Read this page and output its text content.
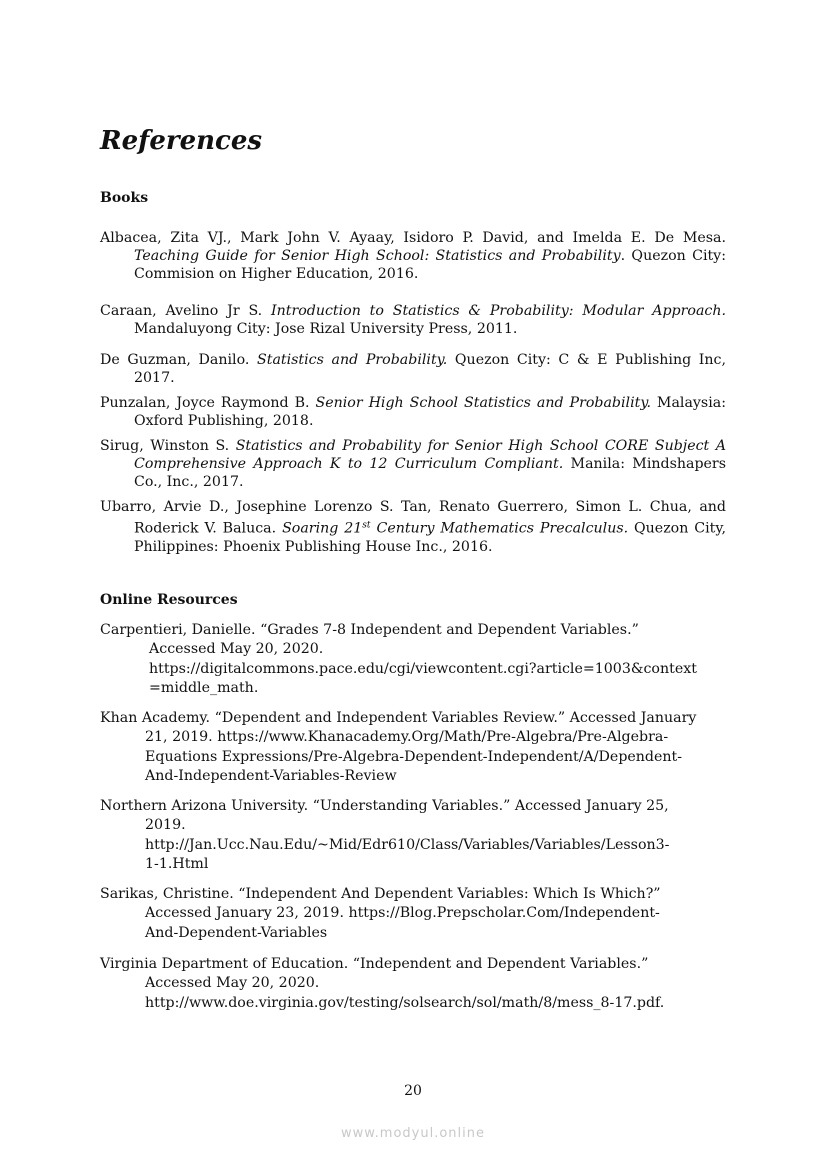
References

Books

Albacea, Zita VJ., Mark John V. Ayaay, Isidoro P. David, and Imelda E. De Mesa. Teaching Guide for Senior High School: Statistics and Probability. Quezon City: Commision on Higher Education, 2016.
Caraan, Avelino Jr S. Introduction to Statistics & Probability: Modular Approach. Mandaluyong City: Jose Rizal University Press, 2011.
De Guzman, Danilo. Statistics and Probability. Quezon City: C & E Publishing Inc, 2017.
Punzalan, Joyce Raymond B. Senior High School Statistics and Probability. Malaysia: Oxford Publishing, 2018.
Sirug, Winston S. Statistics and Probability for Senior High School CORE Subject A Comprehensive Approach K to 12 Curriculum Compliant. Manila: Mindshapers Co., Inc., 2017.
Ubarro, Arvie D., Josephine Lorenzo S. Tan, Renato Guerrero, Simon L. Chua, and Roderick V. Baluca. Soaring 21st Century Mathematics Precalculus. Quezon City, Philippines: Phoenix Publishing House Inc., 2016.

Online Resources

Carpentieri, Danielle. “Grades 7-8 Independent and Dependent Variables.”
Accessed May 20, 2020.
https://digitalcommons.pace.edu/cgi/viewcontent.cgi?article=1003&context
=middle_math.
Khan Academy. “Dependent and Independent Variables Review.” Accessed January
21, 2019. https://www.Khanacademy.Org/Math/Pre-Algebra/Pre-Algebra-
Equations Expressions/Pre-Algebra-Dependent-Independent/A/Dependent-
And-Independent-Variables-Review
Northern Arizona University. “Understanding Variables.” Accessed January 25,
2019.
http://Jan.Ucc.Nau.Edu/~Mid/Edr610/Class/Variables/Variables/Lesson3-
1-1.Html
Sarikas, Christine. “Independent And Dependent Variables: Which Is Which?”
Accessed January 23, 2019. https://Blog.Prepscholar.Com/Independent-
And-Dependent-Variables
Virginia Department of Education. “Independent and Dependent Variables.”
Accessed May 20, 2020.
http://www.doe.virginia.gov/testing/solsearch/sol/math/8/mess_8-17.pdf.
20
www.modyul.online
